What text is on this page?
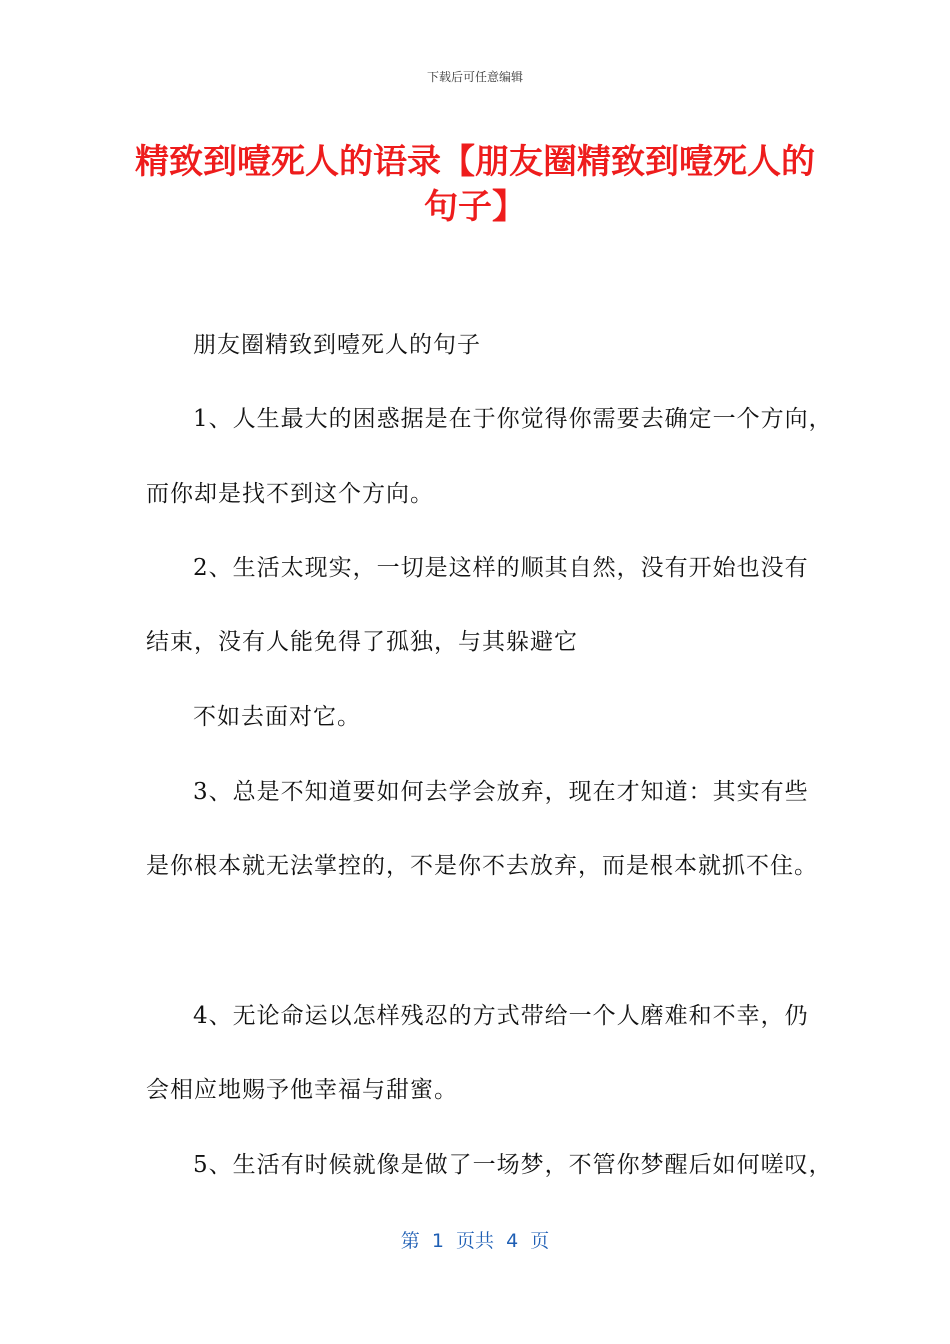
下载后可任意编辑
精致到噎死人的语录【朋友圈精致到噎死人的句子】
朋友圈精致到噎死人的句子
1、人生最大的困惑据是在于你觉得你需要去确定一个方向，
而你却是找不到这个方向。
2、生活太现实，一切是这样的顺其自然，没有开始也没有
结束，没有人能免得了孤独，与其躲避它
不如去面对它。
3、总是不知道要如何去学会放弃，现在才知道：其实有些
是你根本就无法掌控的，不是你不去放弃，而是根本就抓不住。
4、无论命运以怎样残忍的方式带给一个人磨难和不幸，仍
会相应地赐予他幸福与甜蜜。
5、生活有时候就像是做了一场梦，不管你梦醒后如何嗟叹，
第  1  页共  4  页
